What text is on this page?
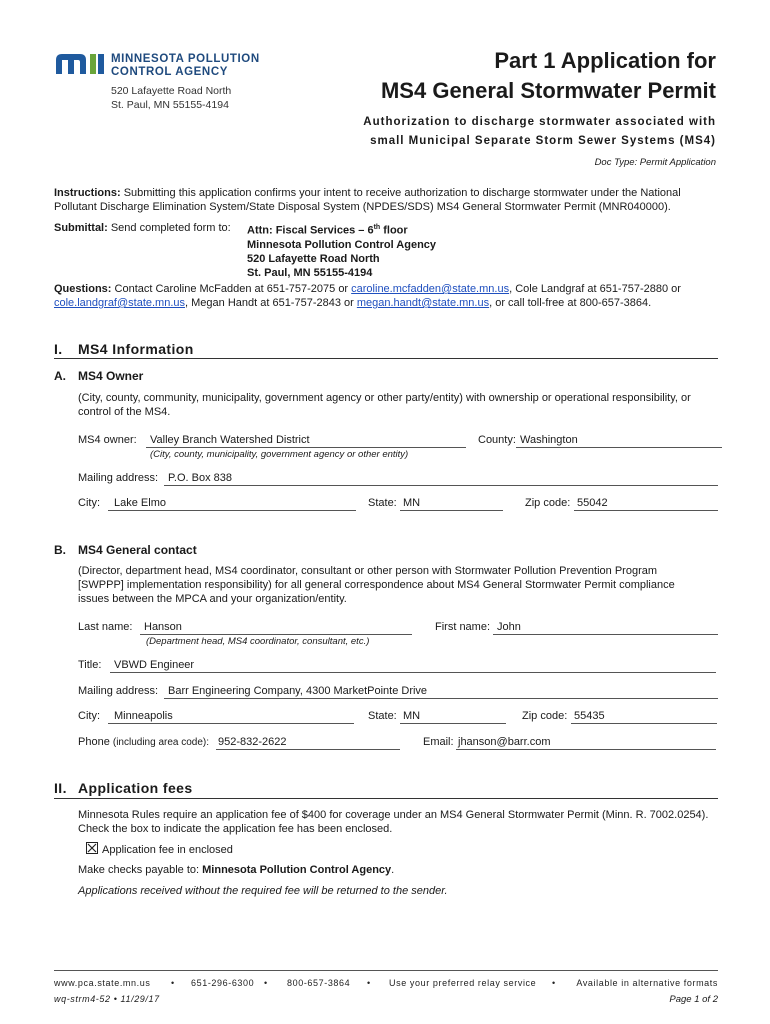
MINNESOTA POLLUTION
CONTROL AGENCY
520 Lafayette Road North
St. Paul, MN 55155-4194
Part 1 Application for
MS4 General Stormwater Permit
Authorization to discharge stormwater associated with
small Municipal Separate Storm Sewer Systems (MS4)
Doc Type: Permit Application
Instructions: Submitting this application confirms your intent to receive authorization to discharge stormwater under the National
Pollutant Discharge Elimination System/State Disposal System (NPDES/SDS) MS4 General Stormwater Permit (MNR040000).
Submittal: Send completed form to: Attn: Fiscal Services – 6th floor
Minnesota Pollution Control Agency
520 Lafayette Road North
St. Paul, MN 55155-4194
Questions: Contact Caroline McFadden at 651-757-2075 or caroline.mcfadden@state.mn.us, Cole Landgraf at 651-757-2880 or
cole.landgraf@state.mn.us, Megan Handt at 651-757-2843 or megan.handt@state.mn.us, or call toll-free at 800-657-3864.
I. MS4 Information
A. MS4 Owner
(City, county, community, municipality, government agency or other party/entity) with ownership or operational responsibility, or
control of the MS4.
MS4 owner:	Valley Branch Watershed District
(City, county, municipality, government agency or other entity)
County: Washington
Mailing address: P.O. Box 838
City:	Lake Elmo	State: MN	Zip code: 55042
B. MS4 General contact
(Director, department head, MS4 coordinator, consultant or other person with Stormwater Pollution Prevention Program
[SWPPP] implementation responsibility) for all general correspondence about MS4 General Stormwater Permit compliance
issues between the MPCA and your organization/entity.
Last name:	Hanson
(Department head, MS4 coordinator, consultant, etc.)
First name: John
Title:	VBWD Engineer
Mailing address: Barr Engineering Company, 4300 MarketPointe Drive
City:	Minneapolis	State: MN	Zip code: 55435
Phone (including area code): 952-832-2622	Email: jhanson@barr.com
II. Application fees
Minnesota Rules require an application fee of $400 for coverage under an MS4 General Stormwater Permit (Minn. R. 7002.0254).
Check the box to indicate the application fee has been enclosed.
Application fee in enclosed
Make checks payable to: Minnesota Pollution Control Agency.
Applications received without the required fee will be returned to the sender.
www.pca.state.mn.us • 651-296-6300 • 800-657-3864 • Use your preferred relay service • Available in alternative formats
wq-strm4-52 • 11/29/17	Page 1 of 2
